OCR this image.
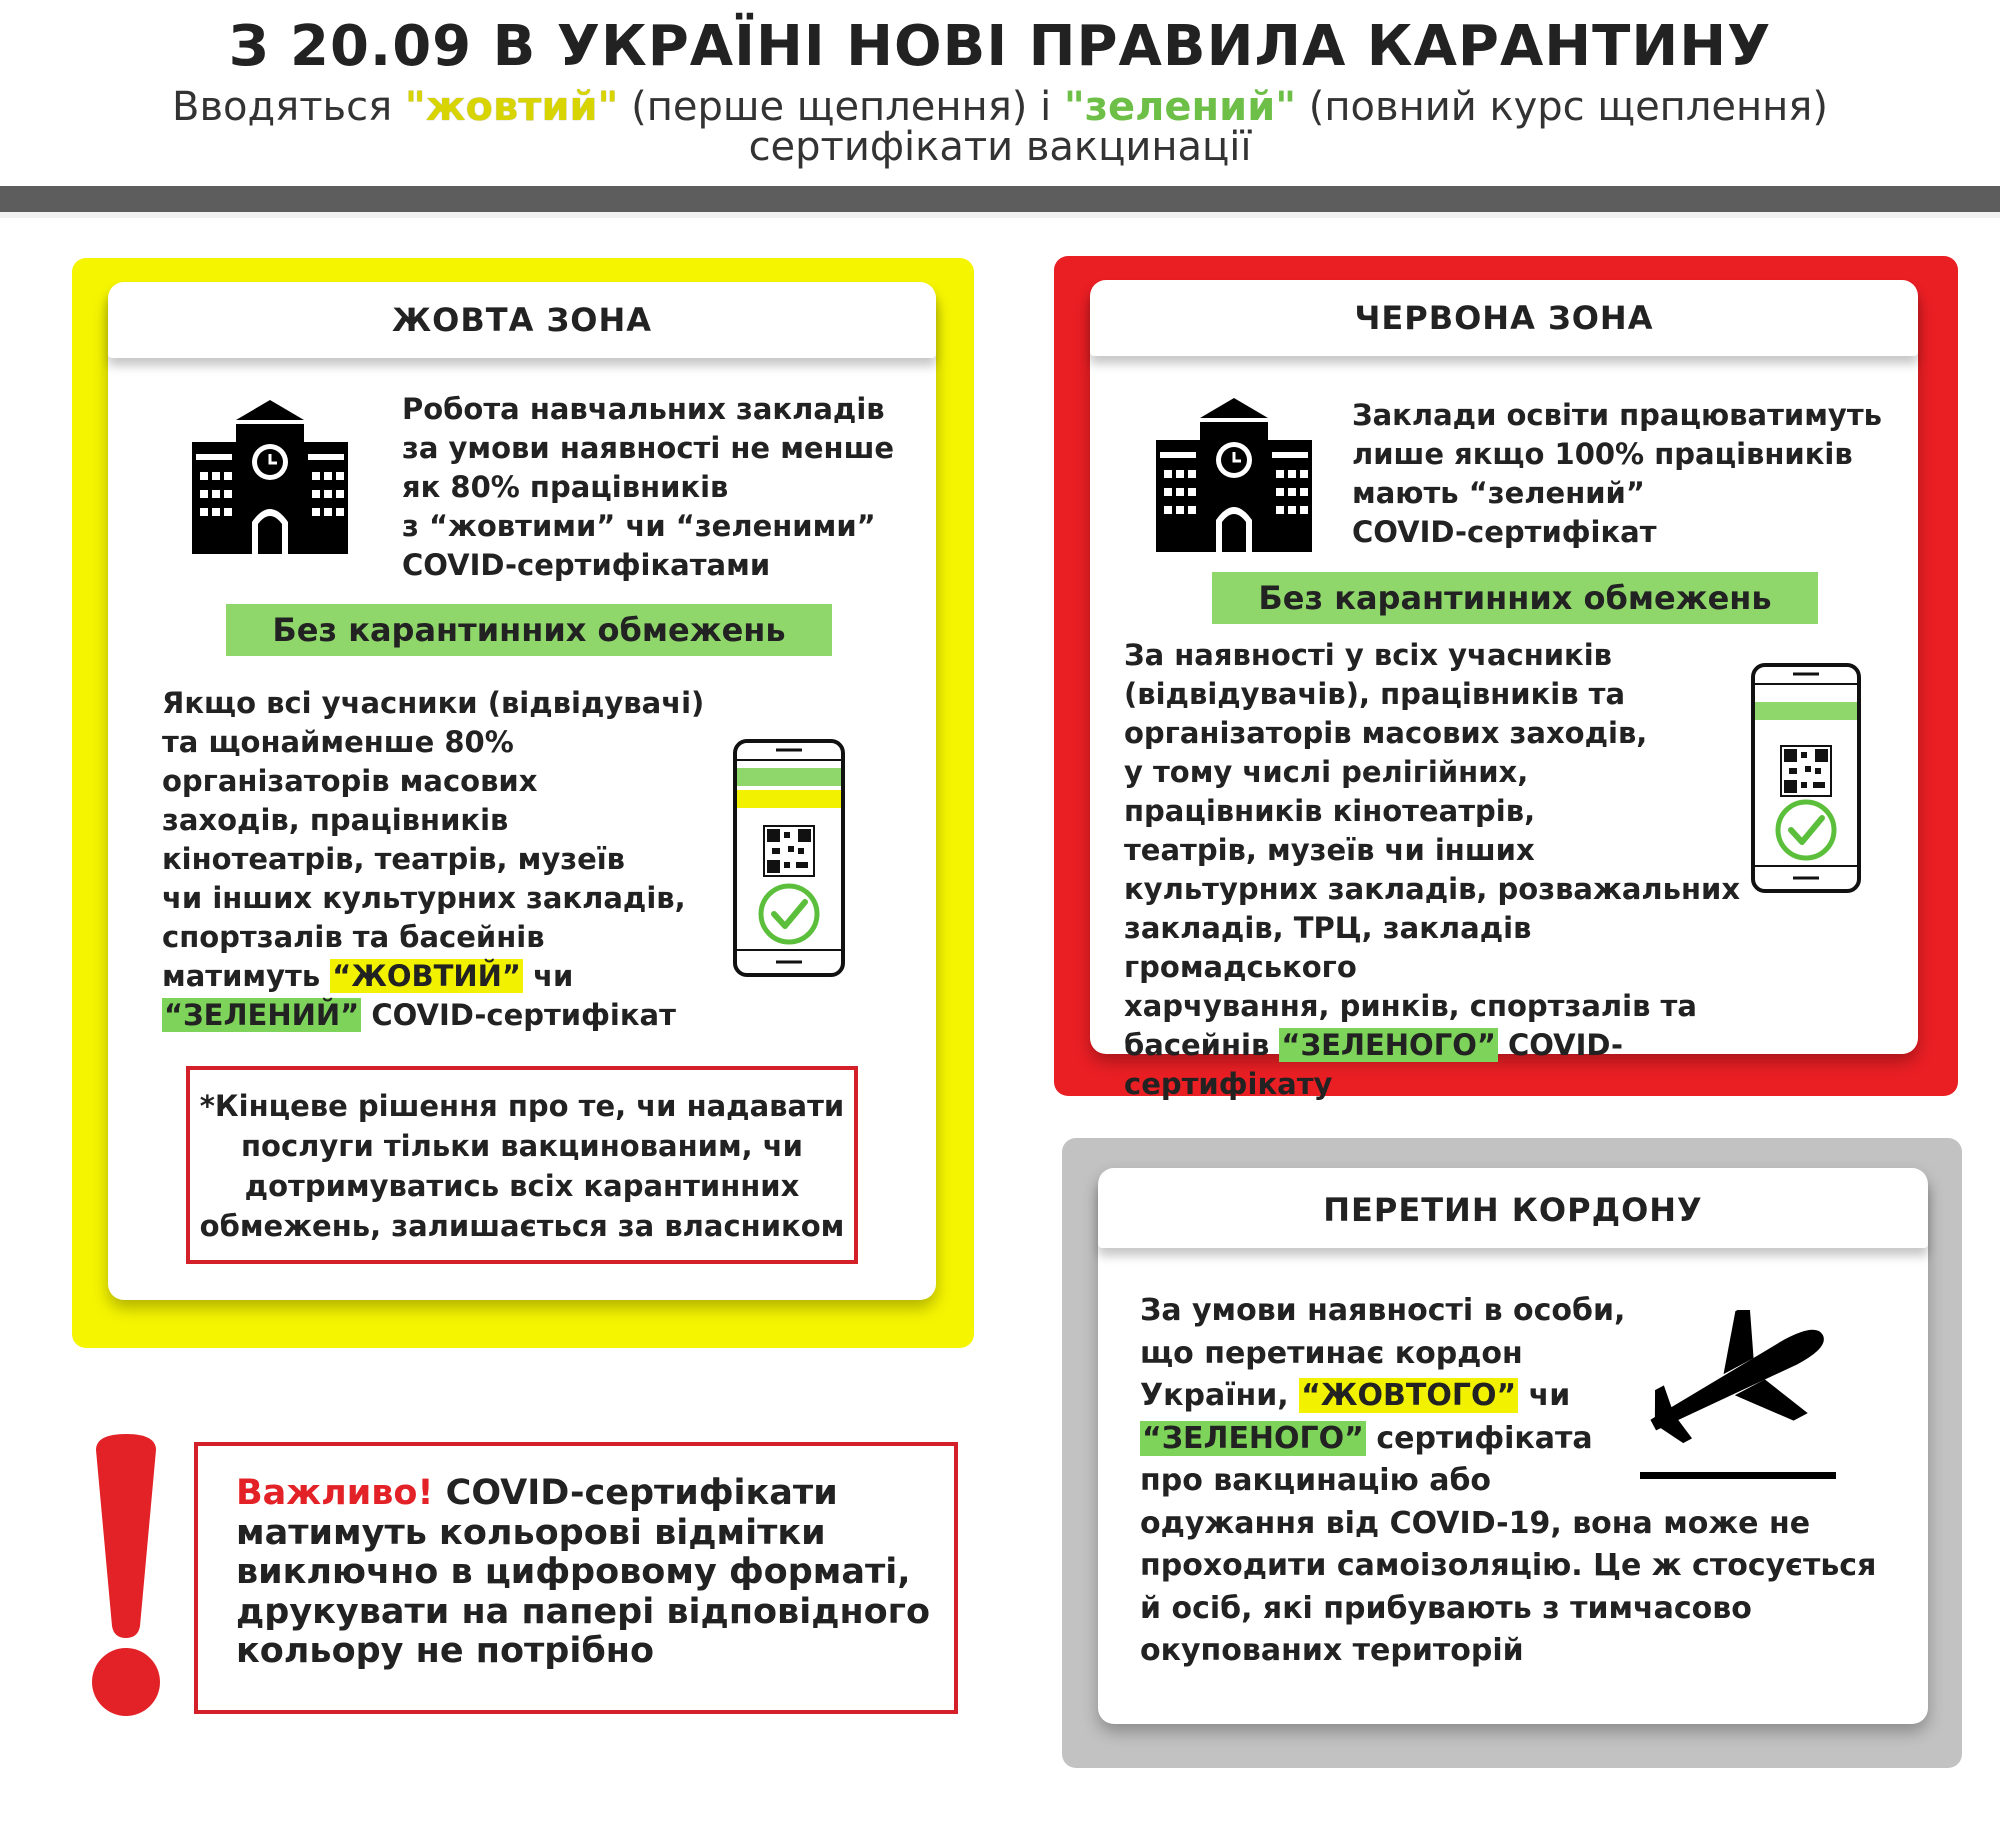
З 20.09 В УКРАЇНІ НОВІ ПРАВИЛА КАРАНТИНУ
Вводяться "жовтий" (перше щеплення) і "зелений" (повний курс щеплення)
сертифікати вакцинації
ЖОВТА ЗОНА
Робота навчальних закладів
за умови наявності не менше
як 80% працівників
з “жовтими” чи “зеленими”
COVID-сертифікатами
Без карантинних обмежень
Якщо всі учасники (відвідувачі)
та щонайменше 80%
організаторів масових
заходів, працівників
кінотеатрів, театрів, музеїв
чи інших культурних закладів,
спортзалів та басейнів
матимуть “ЖОВТИЙ” чи
“ЗЕЛЕНИЙ” COVID-сертифікат
*Кінцеве рішення про те, чи надавати
послуги тільки вакцинованим, чи
дотримуватись всіх карантинних
обмежень, залишається за власником
ЧЕРВОНА ЗОНА
Заклади освіти працюватимуть
лише якщо 100% працівників
мають “зелений”
COVID-сертифікат
Без карантинних обмежень
За наявності у всіх учасників
(відвідувачів), працівників та
організаторів масових заходів,
у тому числі релігійних,
працівників кінотеатрів,
театрів, музеїв чи інших
культурних закладів, розважальних
закладів, ТРЦ, закладів громадського
харчування, ринків, спортзалів та
басейнів “ЗЕЛЕНОГО” COVID-сертифікату
ПЕРЕТИН КОРДОНУ
За умови наявності в особи,
що перетинає кордон
України, “ЖОВТОГО” чи
“ЗЕЛЕНОГО” сертифіката
про вакцинацію або
одужання від COVID-19, вона може не
проходити самоізоляцію. Це ж стосується
й осіб, які прибувають з тимчасово
окупованих територій
Важливо! COVID-сертифікати
матимуть кольорові відмітки
виключно в цифровому форматі,
друкувати на папері відповідного
кольору не потрібно
